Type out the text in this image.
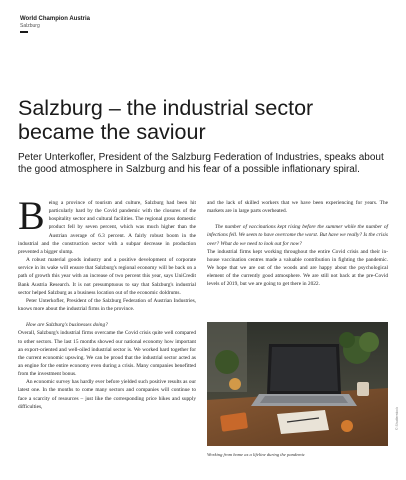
World Champion Austria
Salzburg
Salzburg – the industrial sector became the saviour
Peter Unterkofler, President of the Salzburg Federation of Industries, speaks about the good atmosphere in Salzburg and his fear of a possible inflationary spiral.

Being a province of tourism and culture, Salzburg had been hit particularly hard by the Covid pandemic with the closures of the hospitality sector and cultural facilities. The regional gross domestic product fell by seven percent, which was much higher than the Austrian average of 6.3 percent. A fairly robust boom in the industrial and the construction sector with a subpar decrease in production prevented a bigger slump.

A robust material goods industry and a positive development of corporate service in its wake will ensure that Salzburg's regional economy will be back on a path of growth this year with an increase of two percent this year, says UniCredit Bank Austria Research. It is not presumptuous to say that Salzburg's industrial sector helped Salzburg as a business location out of the economic doldrums.

Peter Unterkofler, President of the Salzburg Federation of Austrian Industries, knows more about the industrial firms in the province.

How are Salzburg's businesses doing?

Overall, Salzburg's industrial firms overcame the Covid crisis quite well compared to other sectors. The last 15 months showed our national economy how important an export-oriented and well-oiled industrial sector is. We worked hard together for the current economic upswing. We can be proud that the industrial sector acted as an engine for the entire economy even during a crisis. Many companies benefitted from the investment bonus.

An economic survey has hardly ever before yielded such positive results as our latest one. In the months to come many sectors and companies will continue to face a scarcity of resources – just like the corresponding price hikes and supply difficulties,

and the lack of skilled workers that we have been experiencing for years. The markets are in large parts overheated.

The number of vaccinations kept rising before the summer while the number of infections fell. We seem to have overcome the worst. But have we really? Is the crisis over? What do we need to look out for now?

The industrial firms kept working throughout the entire Covid crisis and their in-house vaccination centres made a valuable contribution in fighting the pandemic. We hope that we are out of the woods and are happy about the psychological element of the currently good atmosphere. We are still not back at the pre-Covid levels of 2019, but we are going to get there in 2022.

© Shutterstock
Working from home as a lifeline during the pandemic
